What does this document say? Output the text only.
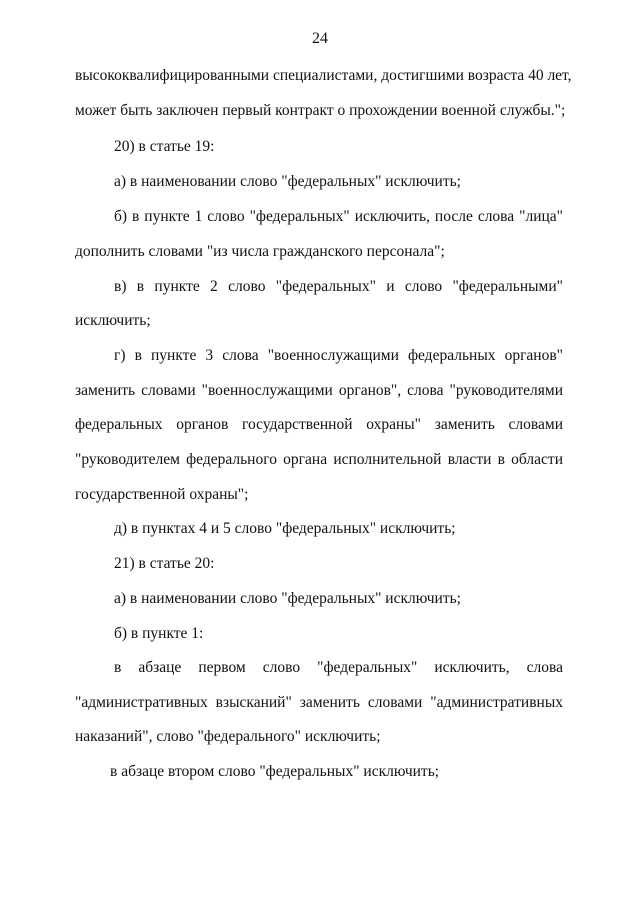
24
высококвалифицированными специалистами, достигшими возраста 40 лет,
может быть заключен первый контракт о прохождении военной службы.";
20) в статье 19:
а) в наименовании слово "федеральных" исключить;
б) в пункте 1 слово "федеральных" исключить, после слова "лица"
дополнить словами "из числа гражданского персонала";
в) в пункте 2 слово "федеральных" и слово "федеральными"
исключить;
г) в пункте 3 слова "военнослужащими федеральных органов"
заменить словами "военнослужащими органов", слова "руководителями
федеральных органов государственной охраны" заменить словами
"руководителем федерального органа исполнительной власти в области
государственной охраны";
д) в пунктах 4 и 5 слово "федеральных" исключить;
21) в статье 20:
а) в наименовании слово "федеральных" исключить;
б) в пункте 1:
в абзаце первом слово "федеральных" исключить, слова
"административных взысканий" заменить словами "административных
наказаний", слово "федерального" исключить;
в абзаце втором слово "федеральных" исключить;
